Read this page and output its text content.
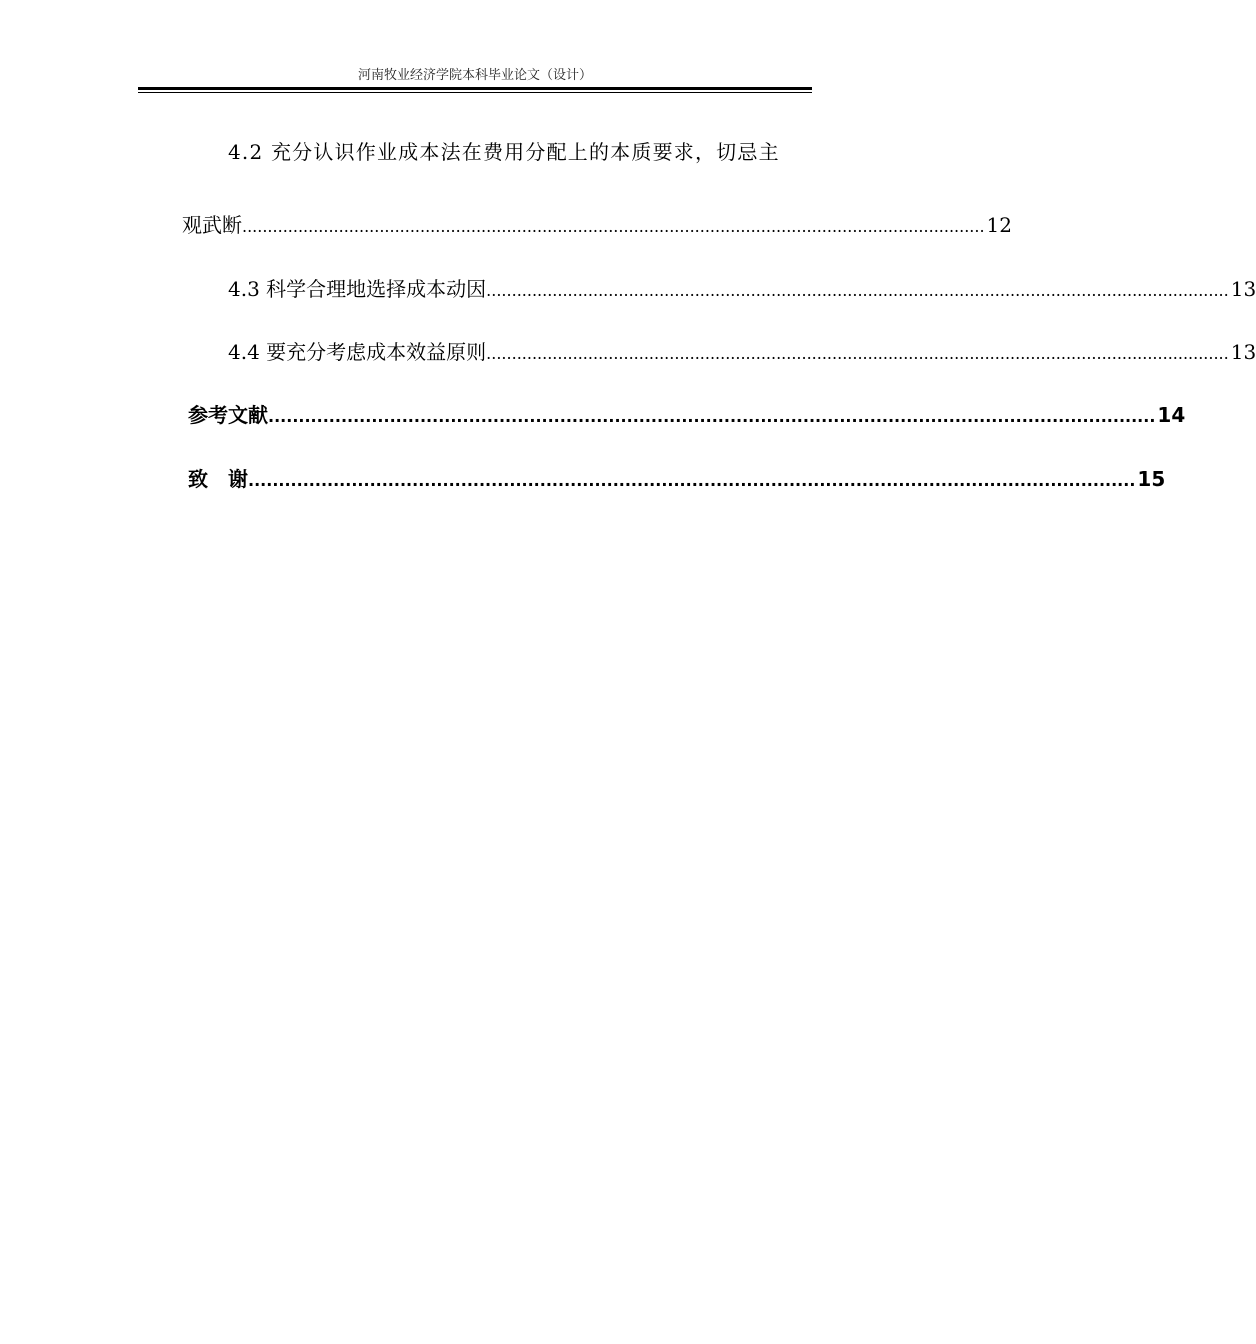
河南牧业经济学院本科毕业论文（设计）
4.2 充分认识作业成本法在费用分配上的本质要求，切忌主
观武断 .................................................................................................................................................. 12
4.3 科学合理地选择成本动因 .................................................................................................................................................. 13
4.4 要充分考虑成本效益原则 .................................................................................................................................................. 13
参考文献 .................................................................................................................................................. 14
致　谢 .................................................................................................................................................. 15
